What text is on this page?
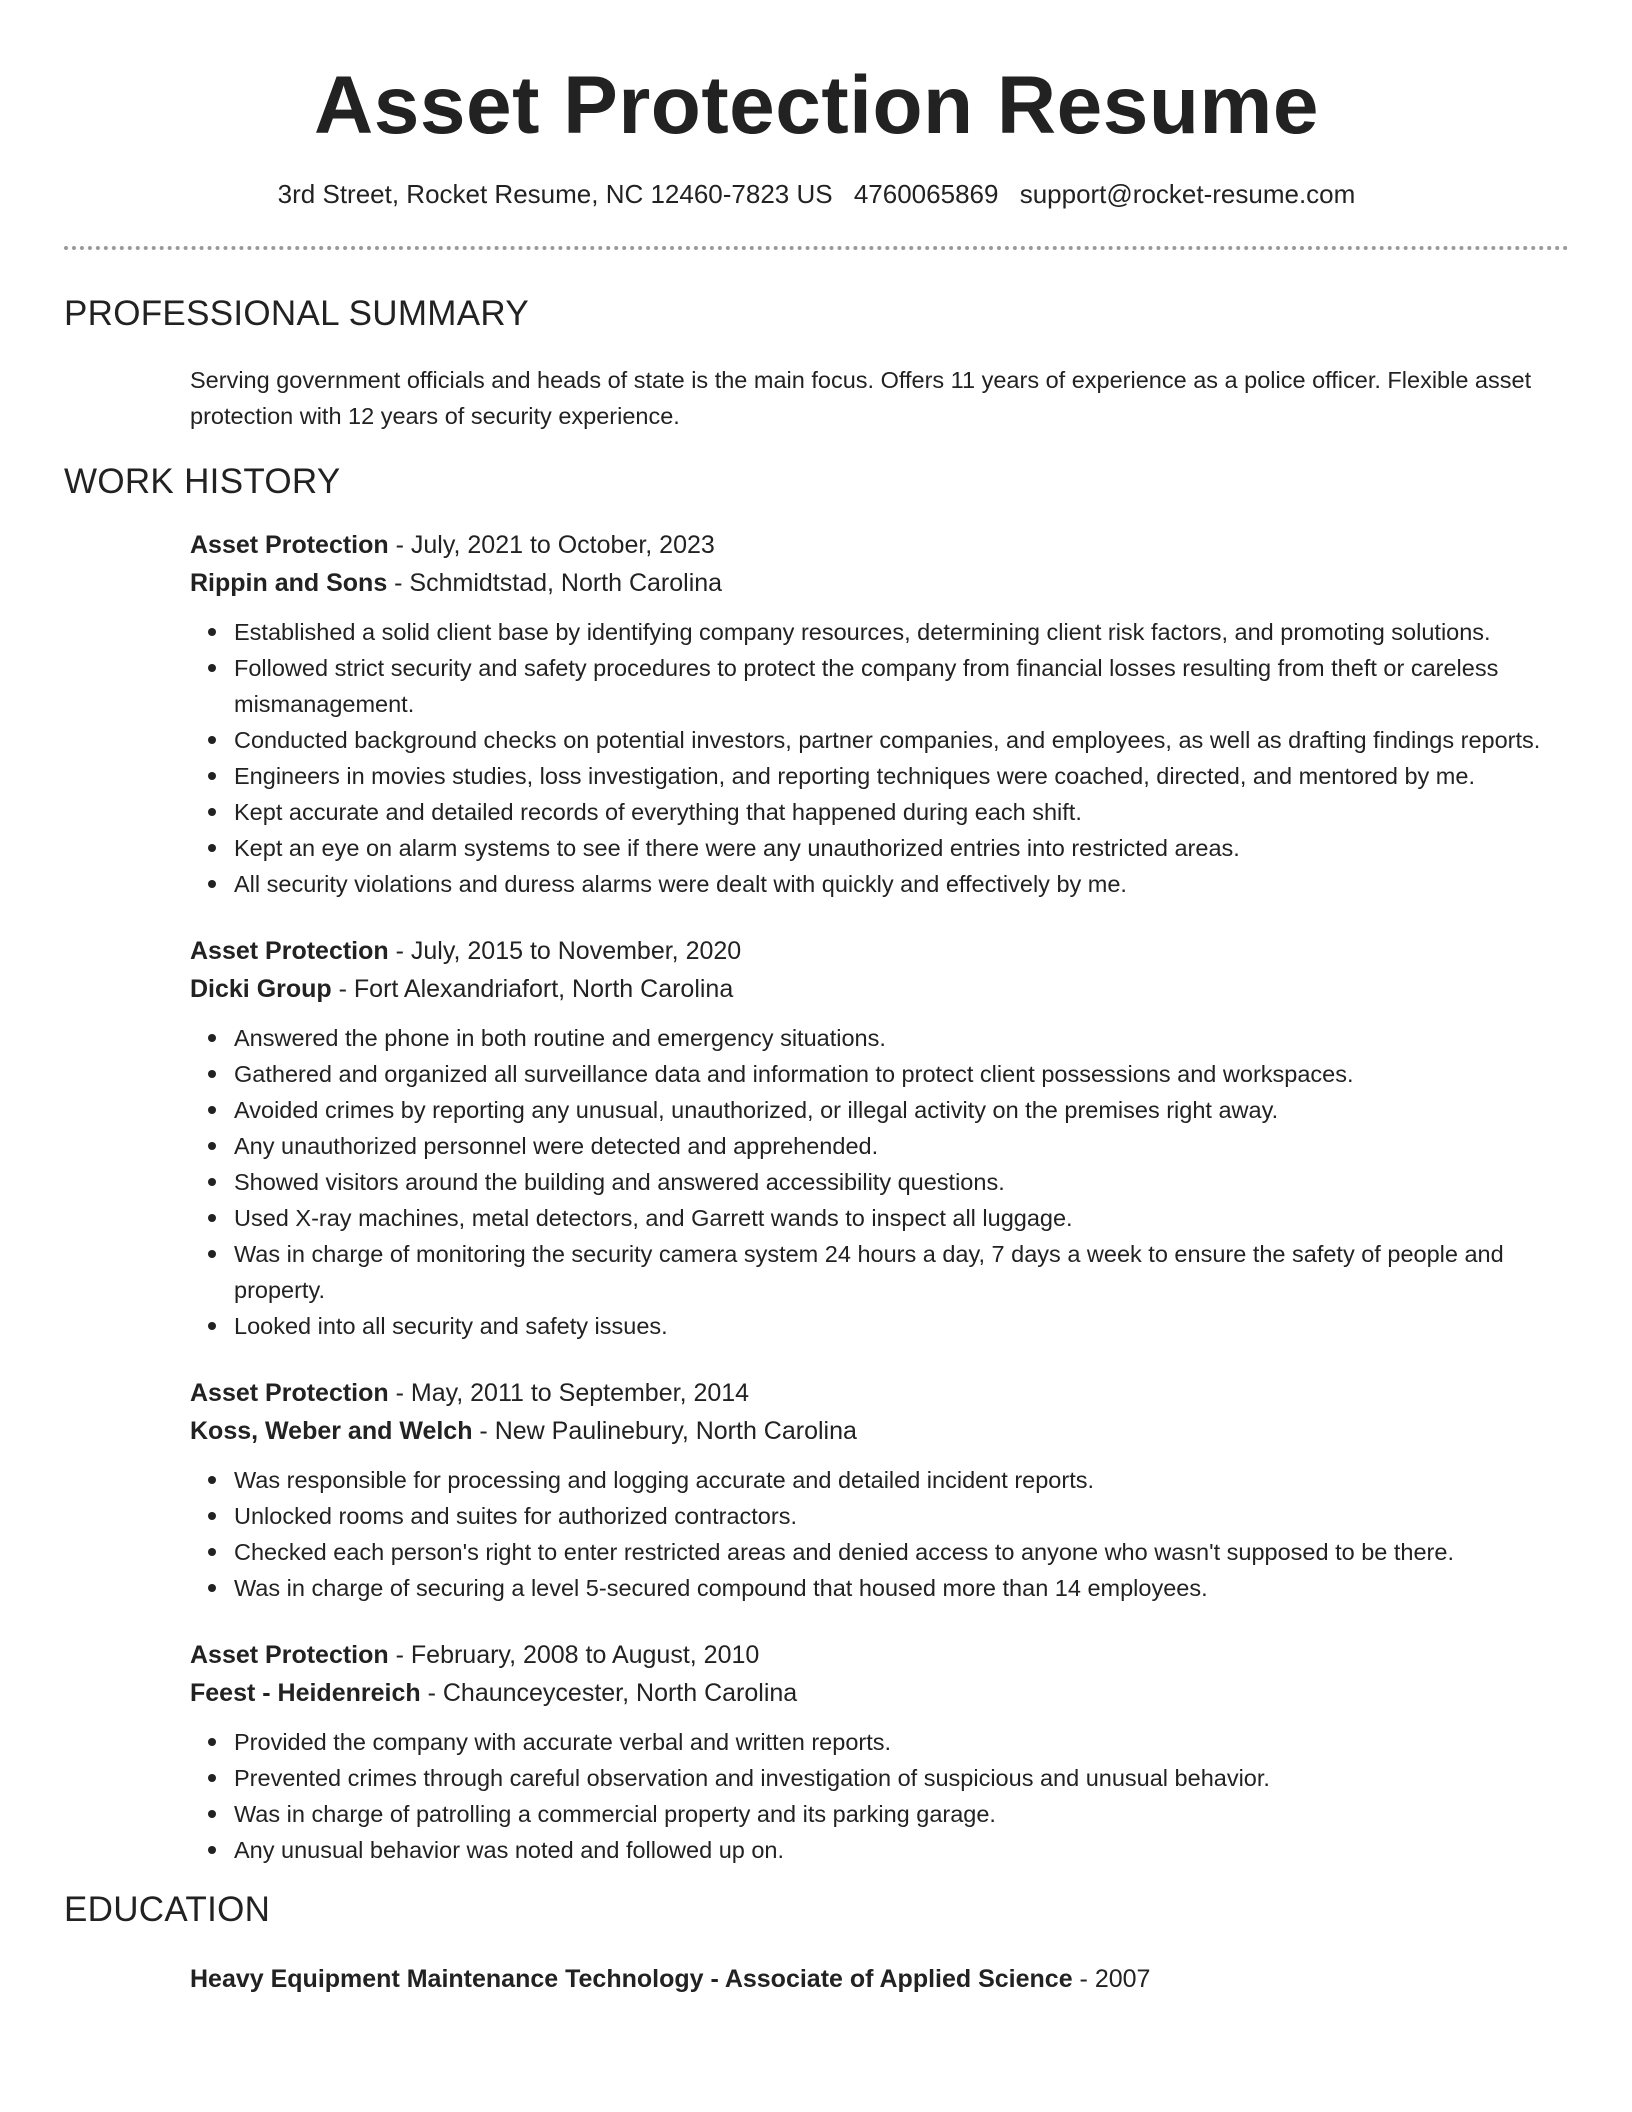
Asset Protection Resume
3rd Street, Rocket Resume, NC 12460-7823 US 4760065869 support@rocket-resume.com
PROFESSIONAL SUMMARY
Serving government officials and heads of state is the main focus. Offers 11 years of experience as a police officer. Flexible asset protection with 12 years of security experience.
WORK HISTORY
Asset Protection - July, 2021 to October, 2023
Rippin and Sons - Schmidtstad, North Carolina
Established a solid client base by identifying company resources, determining client risk factors, and promoting solutions.
Followed strict security and safety procedures to protect the company from financial losses resulting from theft or careless mismanagement.
Conducted background checks on potential investors, partner companies, and employees, as well as drafting findings reports.
Engineers in movies studies, loss investigation, and reporting techniques were coached, directed, and mentored by me.
Kept accurate and detailed records of everything that happened during each shift.
Kept an eye on alarm systems to see if there were any unauthorized entries into restricted areas.
All security violations and duress alarms were dealt with quickly and effectively by me.
Asset Protection - July, 2015 to November, 2020
Dicki Group - Fort Alexandriafort, North Carolina
Answered the phone in both routine and emergency situations.
Gathered and organized all surveillance data and information to protect client possessions and workspaces.
Avoided crimes by reporting any unusual, unauthorized, or illegal activity on the premises right away.
Any unauthorized personnel were detected and apprehended.
Showed visitors around the building and answered accessibility questions.
Used X-ray machines, metal detectors, and Garrett wands to inspect all luggage.
Was in charge of monitoring the security camera system 24 hours a day, 7 days a week to ensure the safety of people and property.
Looked into all security and safety issues.
Asset Protection - May, 2011 to September, 2014
Koss, Weber and Welch - New Paulinebury, North Carolina
Was responsible for processing and logging accurate and detailed incident reports.
Unlocked rooms and suites for authorized contractors.
Checked each person's right to enter restricted areas and denied access to anyone who wasn't supposed to be there.
Was in charge of securing a level 5-secured compound that housed more than 14 employees.
Asset Protection - February, 2008 to August, 2010
Feest - Heidenreich - Chaunceycester, North Carolina
Provided the company with accurate verbal and written reports.
Prevented crimes through careful observation and investigation of suspicious and unusual behavior.
Was in charge of patrolling a commercial property and its parking garage.
Any unusual behavior was noted and followed up on.
EDUCATION
Heavy Equipment Maintenance Technology - Associate of Applied Science - 2007
